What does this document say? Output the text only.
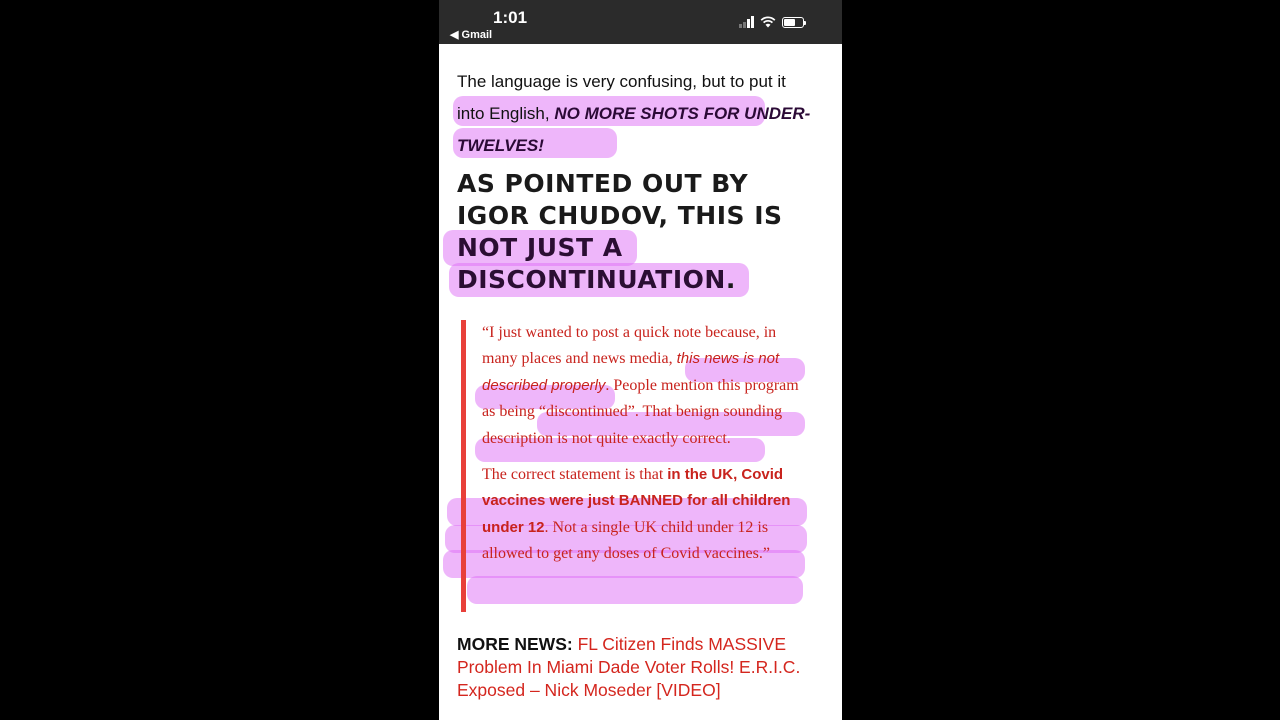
1:01
◀ Gmail
The language is very confusing, but to put it into English, NO MORE SHOTS FOR UNDER-TWELVES!
AS POINTED OUT BY IGOR CHUDOV, THIS IS NOT JUST A DISCONTINUATION.

“I just wanted to post a quick note because, in many places and news media, this news is not described properly. People mention this program as being “discontinued”. That benign sounding description is not quite exactly correct.

The correct statement is that in the UK, Covid vaccines were just BANNED for all children under 12. Not a single UK child under 12 is allowed to get any doses of Covid vaccines.”

MORE NEWS: FL Citizen Finds MASSIVE Problem In Miami Dade Voter Rolls! E.R.I.C. Exposed – Nick Moseder [VIDEO]
